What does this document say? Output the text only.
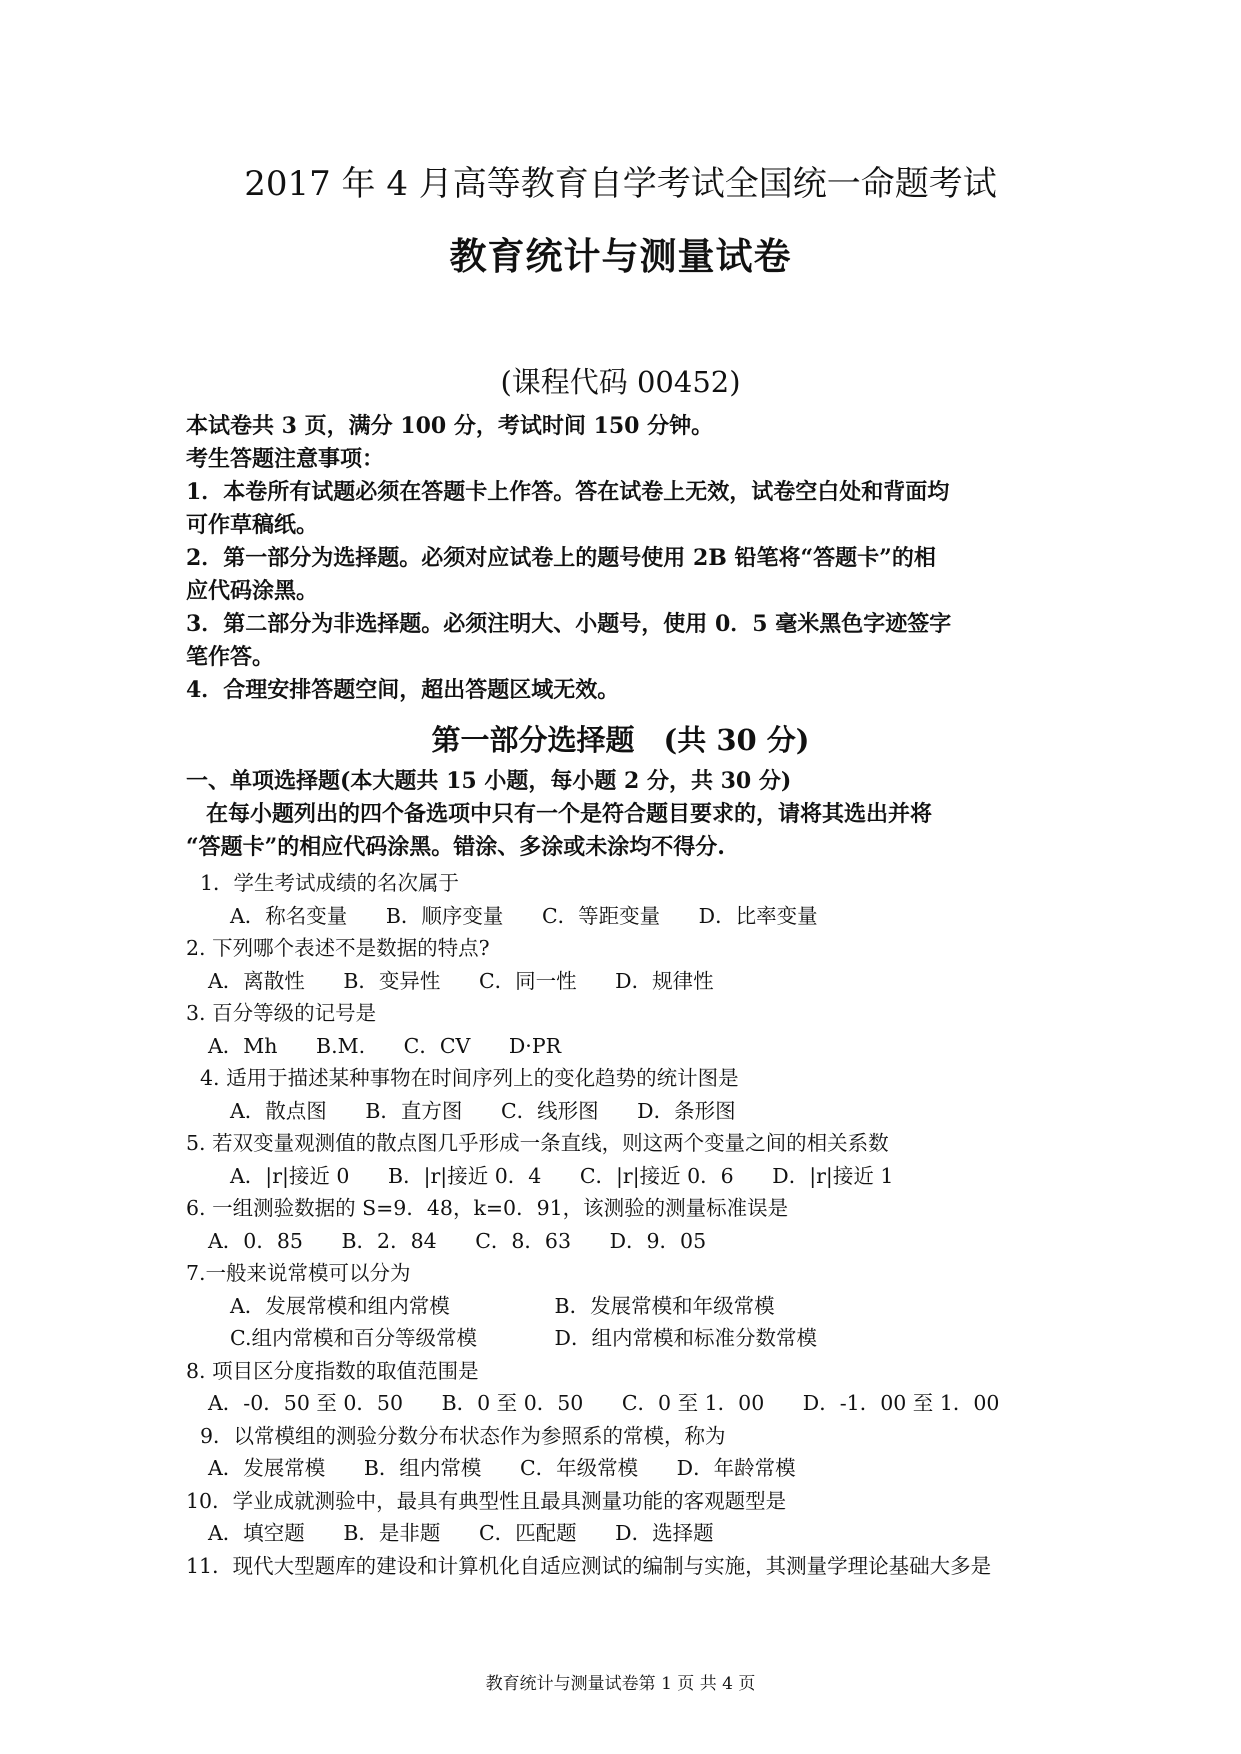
2017 年 4 月高等教育自学考试全国统一命题考试
教育统计与测量试卷
(课程代码 00452)
本试卷共 3 页，满分 100 分，考试时间 150 分钟。
考生答题注意事项：
1．本卷所有试题必须在答题卡上作答。答在试卷上无效，试卷空白处和背面均
可作草稿纸。
2．第一部分为选择题。必须对应试卷上的题号使用 2B 铅笔将“答题卡”的相
应代码涂黑。
3．第二部分为非选择题。必须注明大、小题号，使用 0．5 毫米黑色字迹签字
笔作答。
4．合理安排答题空间，超出答题区域无效。
第一部分选择题　(共 30 分)
一、单项选择题(本大题共 15 小题，每小题 2 分，共 30 分)
在每小题列出的四个备选项中只有一个是符合题目要求的，请将其选出并将
“答题卡”的相应代码涂黑。错涂、多涂或未涂均不得分.
1．学生考试成绩的名次属于
A．称名变量 B．顺序变量 C．等距变量 D．比率变量
2. 下列哪个表述不是数据的特点?
A．离散性 B．变异性 C．同一性 D．规律性
3. 百分等级的记号是
A．Mh B.M. C．CV D·PR
4. 适用于描述某种事物在时间序列上的变化趋势的统计图是
A．散点图 B．直方图 C．线形图 D．条形图
5. 若双变量观测值的散点图几乎形成一条直线，则这两个变量之间的相关系数
A．|r|接近 0 B．|r|接近 0．4 C．|r|接近 0．6 D．|r|接近 1
6. 一组测验数据的 S=9．48，k=0．91，该测验的测量标准误是
A．0．85 B．2．84 C．8．63 D．9．05
7.一般来说常模可以分为
A．发展常模和组内常模	B．发展常模和年级常模
C.组内常模和百分等级常模	D．组内常模和标准分数常模
8. 项目区分度指数的取值范围是
A．-0．50 至 0．50 B．0 至 0．50 C．0 至 1．00 D．-1．00 至 1．00
9．以常模组的测验分数分布状态作为参照系的常模，称为
A．发展常模 B．组内常模 C．年级常模 D．年龄常模
10．学业成就测验中，最具有典型性且最具测量功能的客观题型是
A．填空题 B．是非题 C．匹配题 D．选择题
11．现代大型题库的建设和计算机化自适应测试的编制与实施，其测量学理论基础大多是
教育统计与测量试卷第 1 页 共 4 页
